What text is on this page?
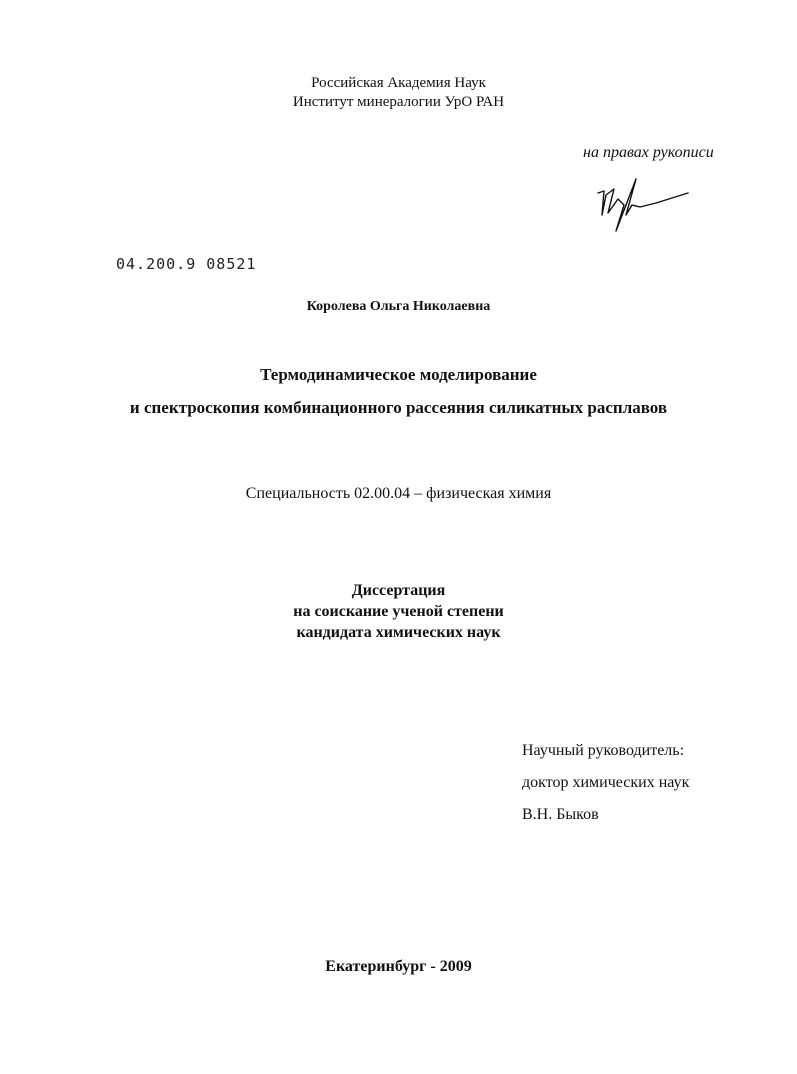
Российская Академия Наук
Институт минералогии УрО РАН
на правах рукописи
04.200.9 08521
Королева Ольга Николаевна
Термодинамическое моделирование
и спектроскопия комбинационного рассеяния силикатных расплавов
Специальность 02.00.04 – физическая химия
Диссертация
на соискание ученой степени
кандидата химических наук
Научный руководитель:
доктор химических наук
В.Н. Быков
Екатеринбург - 2009
